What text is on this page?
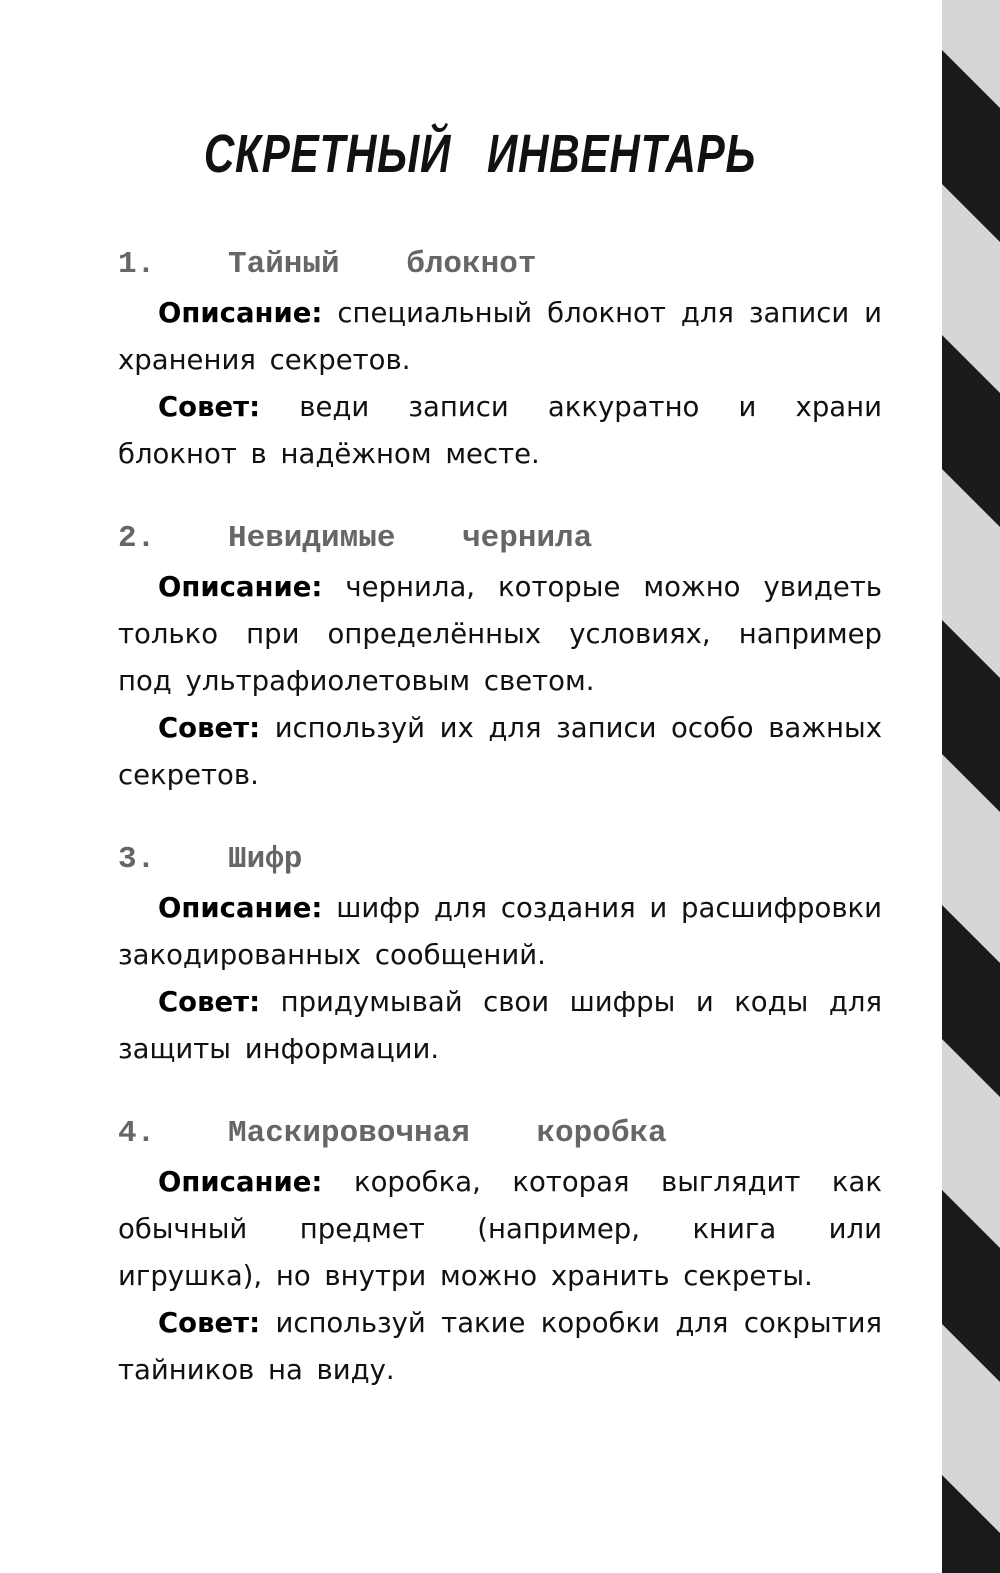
СКРЕТНЫЙ ИНВЕНТАРЬ
1. Тайный блокнот

Описание: специальный блокнот для записи и хранения секретов.

Совет: веди записи аккуратно и храни блокнот в надёжном месте.

2. Невидимые чернила

Описание: чернила, которые можно увидеть только при определённых условиях, например под ультрафиолетовым светом.

Совет: используй их для записи особо важных секретов.

3. Шифр

Описание: шифр для создания и расшифровки закодированных сообщений.

Совет: придумывай свои шифры и коды для защиты информации.

4. Маскировочная коробка

Описание: коробка, которая выглядит как обычный предмет (например, книга или игрушка), но внутри можно хранить секреты.

Совет: используй такие коробки для сокрытия тайников на виду.
